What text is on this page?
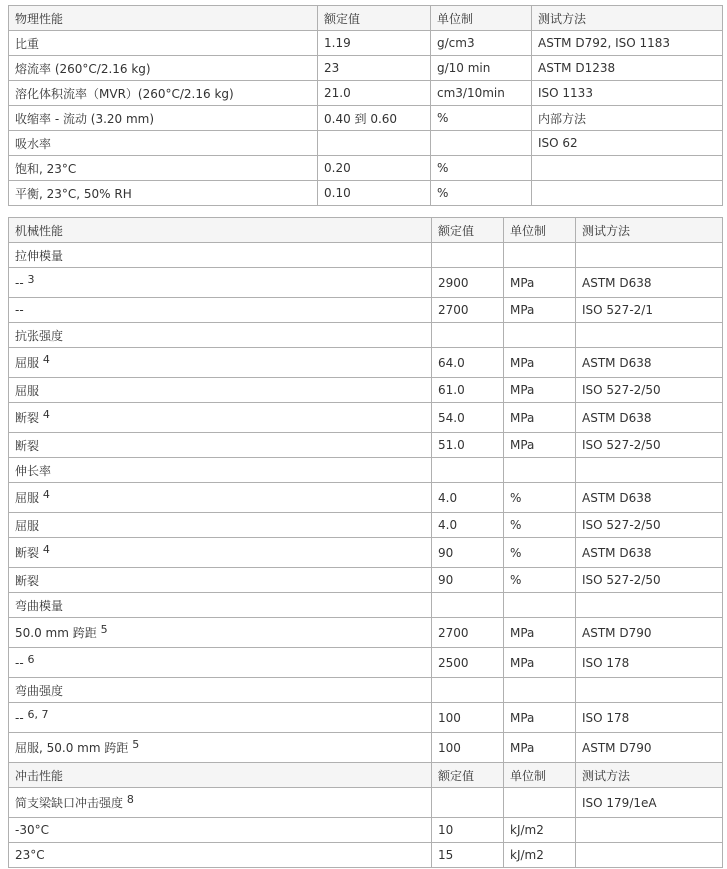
物理性能	额定值	单位制	测试方法
比重	1.19	g/cm3	ASTM D792, ISO 1183
熔流率 (260°C/2.16 kg)	23	g/10 min	ASTM D1238
溶化体积流率（MVR）(260°C/2.16 kg)	21.0	cm3/10min	ISO 1133
收缩率 - 流动 (3.20 mm)	0.40 到 0.60	%	内部方法
吸水率			ISO 62
饱和, 23°C	0.20	%	
平衡, 23°C, 50% RH	0.10	%	
机械性能	额定值	单位制	测试方法
拉伸模量			
-- $^3$	2900	MPa	ASTM D638
--	2700	MPa	ISO 527-2/1
抗张强度			
屈服 $^4$	64.0	MPa	ASTM D638
屈服	61.0	MPa	ISO 527-2/50
断裂 $^4$	54.0	MPa	ASTM D638
断裂	51.0	MPa	ISO 527-2/50
伸长率			
屈服 $^4$	4.0	%	ASTM D638
屈服	4.0	%	ISO 527-2/50
断裂 $^4$	90	%	ASTM D638
断裂	90	%	ISO 527-2/50
弯曲模量			
50.0 mm 跨距 $^5$	2700	MPa	ASTM D790
-- $^6$	2500	MPa	ISO 178
弯曲强度			
-- $^{6, 7}$	100	MPa	ISO 178
屈服, 50.0 mm 跨距 $^5$	100	MPa	ASTM D790
冲击性能	额定值	单位制	测试方法
简支梁缺口冲击强度 $^8$			ISO 179/1eA
-30°C	10	kJ/m2	
23°C	15	kJ/m2	
